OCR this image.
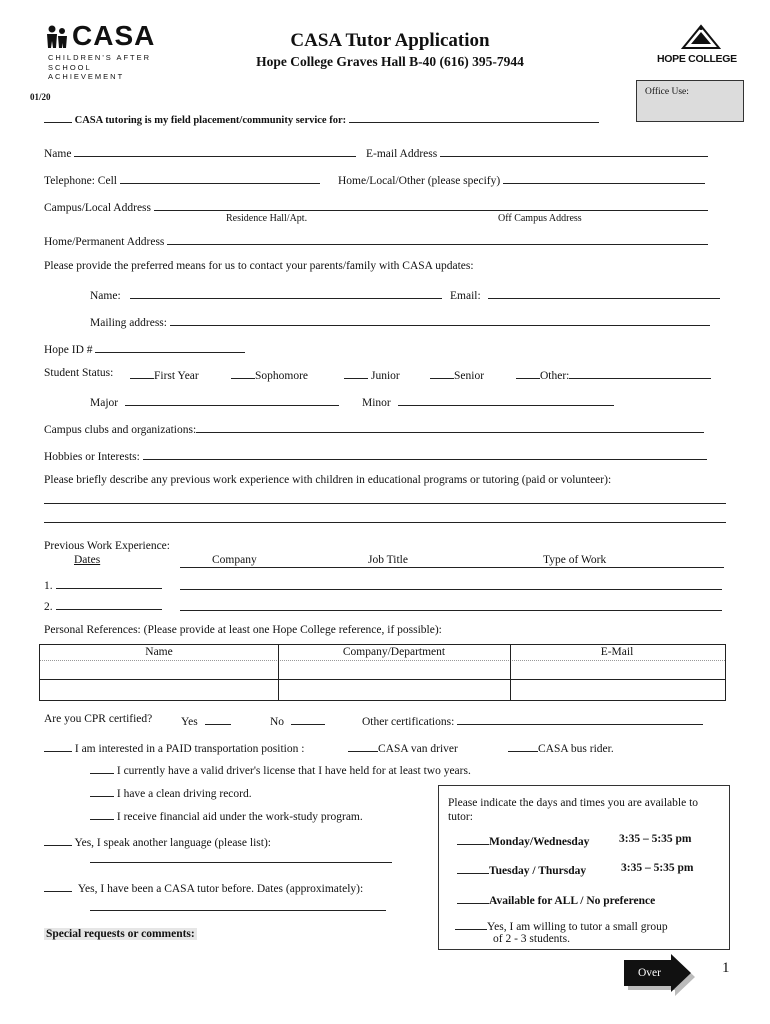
CASA
CHILDREN'S AFTER
SCHOOL ACHIEVEMENT
CASA Tutor Application
Hope College Graves Hall B-40 (616) 395-7944	HOPE COLLEGE
Office Use:
01/20
CASA tutoring is my field placement/community service for:
Name	E-mail Address
Telephone: Cell	Home/Local/Other (please specify)
Campus/Local Address
Residence Hall/Apt.	Off Campus Address
Home/Permanent Address
Please provide the preferred means for us to contact your parents/family with CASA updates:
Name:	Email:
Mailing address:
Hope ID #
Student Status:	First Year	Sophomore	Junior	Senior	Other:
Major	Minor
Campus clubs and organizations:
Hobbies or Interests:
Please briefly describe any previous work experience with children in educational programs or tutoring (paid or volunteer):
Previous Work Experience:
Dates	Company	Job Title	Type of Work
1.
2.
Personal References: (Please provide at least one Hope College reference, if possible):
Name	Company/Department	E-Mail
Are you CPR certified? Yes	No	Other certifications:
I am interested in a PAID transportation position :	CASA van driver	CASA bus rider.
I currently have a valid driver's license that I have held for at least two years.
I have a clean driving record.
I receive financial aid under the work-study program.
Yes, I speak another language (please list):
Yes, I have been a CASA tutor before. Dates (approximately):
Special requests or comments:
Please indicate the days and times you are available to
tutor:
Monday/Wednesday	3:35 – 5:35 pm
Tuesday / Thursday	3:35 – 5:35 pm
Available for ALL / No preference
Yes, I am willing to tutor a small group
of 2 - 3 students.
Over	1
